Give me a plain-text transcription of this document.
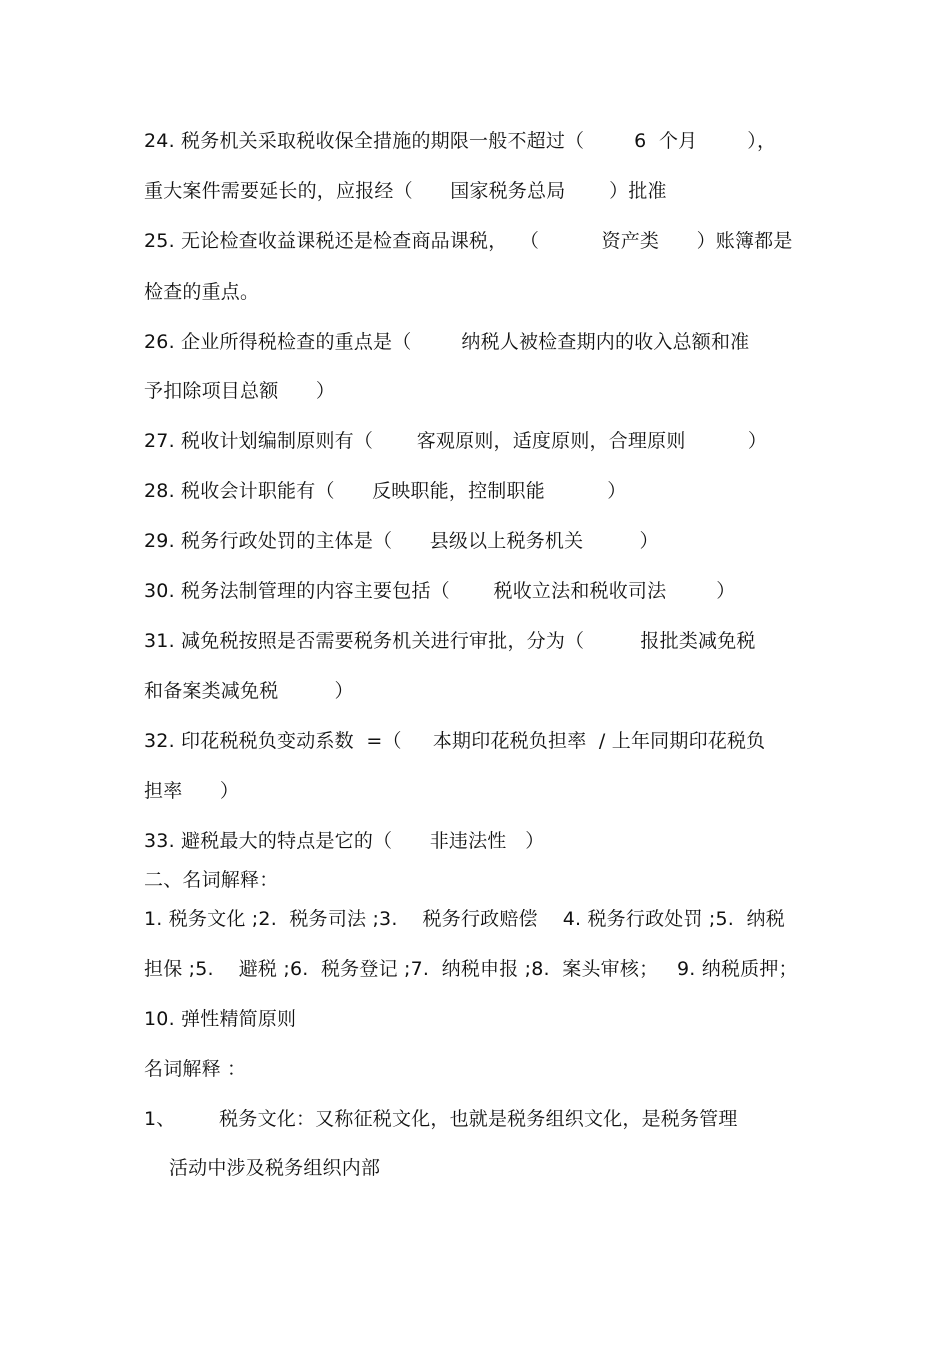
24. 税务机关采取税收保全措施的期限一般不超过（        6  个月        ），
重大案件需要延长的，应报经（      国家税务总局       ）批准
25. 无论检查收益课税还是检查商品课税，  （          资产类      ）账簿都是
检查的重点。
26. 企业所得税检查的重点是（        纳税人被检查期内的收入总额和准
予扣除项目总额      ）
27. 税收计划编制原则有（       客观原则，适度原则，合理原则          ）
28. 税收会计职能有（      反映职能，控制职能          ）
29. 税务行政处罚的主体是（      县级以上税务机关         ）
30. 税务法制管理的内容主要包括（       税收立法和税收司法        ）
31. 减免税按照是否需要税务机关进行审批，分为（         报批类减免税
和备案类减免税         ）
32. 印花税税负变动系数  =（     本期印花税负担率  / 上年同期印花税负
担率      ）
33. 避税最大的特点是它的（      非违法性   ）
二、名词解释：
1. 税务文化 ;2.  税务司法 ;3.    税务行政赔偿    4. 税务行政处罚 ;5.  纳税
担保 ;5.    避税 ;6.  税务登记 ;7.  纳税申报 ;8.  案头审核；   9. 纳税质押；
10. 弹性精简原则
名词解释 ：
1、       税务文化：又称征税文化，也就是税务组织文化，是税务管理
活动中涉及税务组织内部
